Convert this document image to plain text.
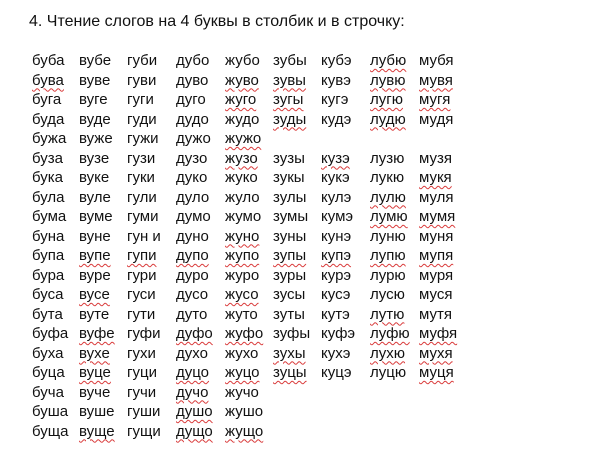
4. Чтение слогов на 4 буквы в столбик и в строчку:
буба вубе	губи	дубо	жубо зубы кубэ	лубю мубя
бува	вуве	гуви	дуво	жуво зувы	кувэ	лувю мувя
буга	вуге	гуги	дуго	жуго	зугы	кугэ	лугю	мугя
буда вуде	гуди	дудо	жудо зуды кудэ	лудю мудя
бужа вуже гужи	дужо жужо
буза	вузе	гузи	дузо	жузо	зузы	кузэ	лузю музя
бука	вуке	гуки	дуко	жуко	зукы	кукэ	лукю мукя
була вуле	гули	дуло	жуло зулы кулэ	лулю муля
бума вуме гуми	думо жумо зумы кумэ	лумю мумя
буна вуне	гун и	дуно	жуно зуны кунэ	луню муня
бупа вупе	гупи	дупо	жупо зупы купэ	лупю мупя
бура вуре	гури	дуро	журо зуры курэ	лурю муря
буса	вусе	гуси	дусо	жусо зусы	кусэ	лусю муся
бута	вуте	гути	дуто	жуто	зуты	кутэ	лутю мутя
буфа вуфе гуфи	дуфо жуфо зуфы куфэ луфю муфя
буха	вухе	гухи	духо	жухо зухы	кухэ	лухю мухя
буца вуце	гуци	дуцо	жуцо зуцы куцэ	луцю муця
буча	вуче	гучи	дучо	жучо
буша вуше гуши	душо жушо
буща вуще гущи	дущо жущо
